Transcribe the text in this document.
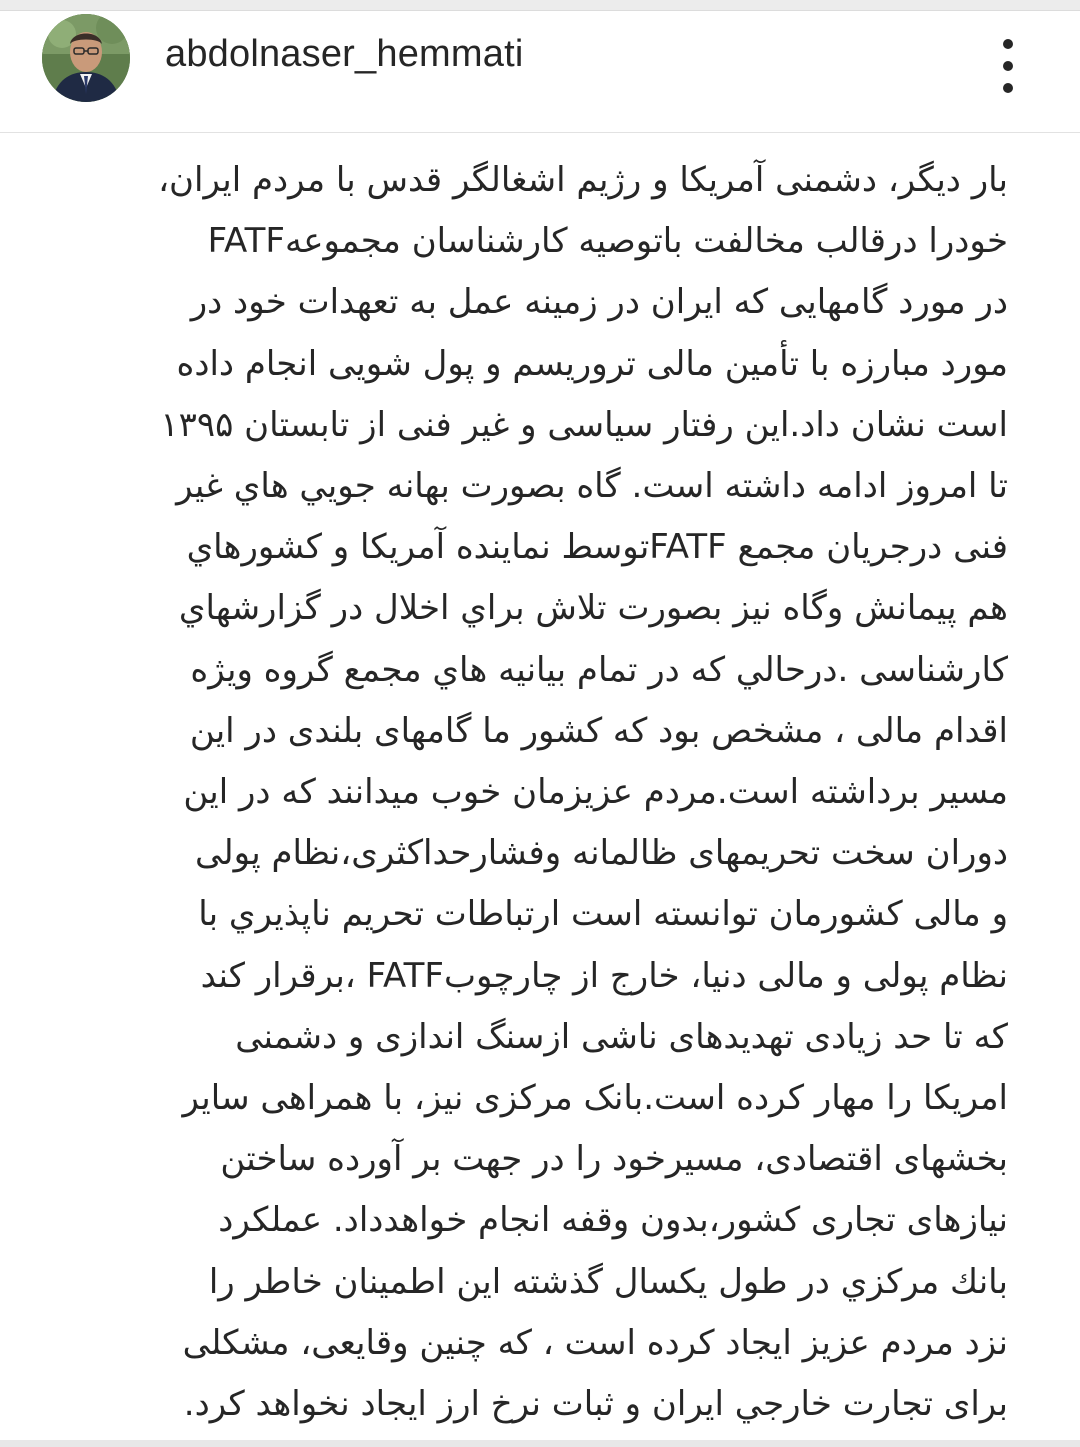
abdolnaser_hemmati
بار دیگر، دشمنی آمریکا و رژیم اشغالگر قدس با مردم ایران،
خودرا درقالب مخالفت باتوصیه کارشناسان مجموعهFATF
در مورد گامهایی که ایران در زمینه عمل به تعهدات خود در
مورد مبارزه با تأمین مالی تروریسم و پول شویی انجام داده
است نشان داد.این رفتار سیاسی و غیر فنی از تابستان ۱۳۹۵
تا امروز ادامه داشته است. گاه بصورت بهانه جویي هاي غیر
فنی درجریان مجمع FATFتوسط نماینده آمریکا و کشورهاي
هم پیمانش وگاه نیز بصورت تلاش براي اخلال در گزارشهاي
کارشناسی .درحالي که در تمام بیانیه هاي مجمع گروه ویژه
اقدام مالی ، مشخص بود که کشور ما گامهای بلندی در این
مسیر برداشته است.مردم عزیزمان خوب میدانند که در این
دوران سخت تحریمهای ظالمانه وفشارحداکثری،نظام پولی
و مالی کشورمان توانسته است ارتباطات تحریم ناپذیري با
نظام پولی و مالی دنیا، خارج از چارچوبFATF ،برقرار کند
که تا حد زیادی تهدیدهای ناشی ازسنگ اندازی و دشمنی
امریکا را مهار کرده است.بانک مرکزی نیز، با همراهی سایر
بخشهای اقتصادی، مسیرخود را در جهت بر آورده ساختن
نیازهای تجاری کشور،بدون وقفه انجام خواهدداد. عملکرد
بانك مرکزي در طول یکسال گذشته این اطمینان خاطر را
نزد مردم عزیز ایجاد کرده است ، که چنین وقایعی، مشکلی
براى تجارت خارجي ایران و ثبات نرخ ارز ایجاد نخواهد کرد.
